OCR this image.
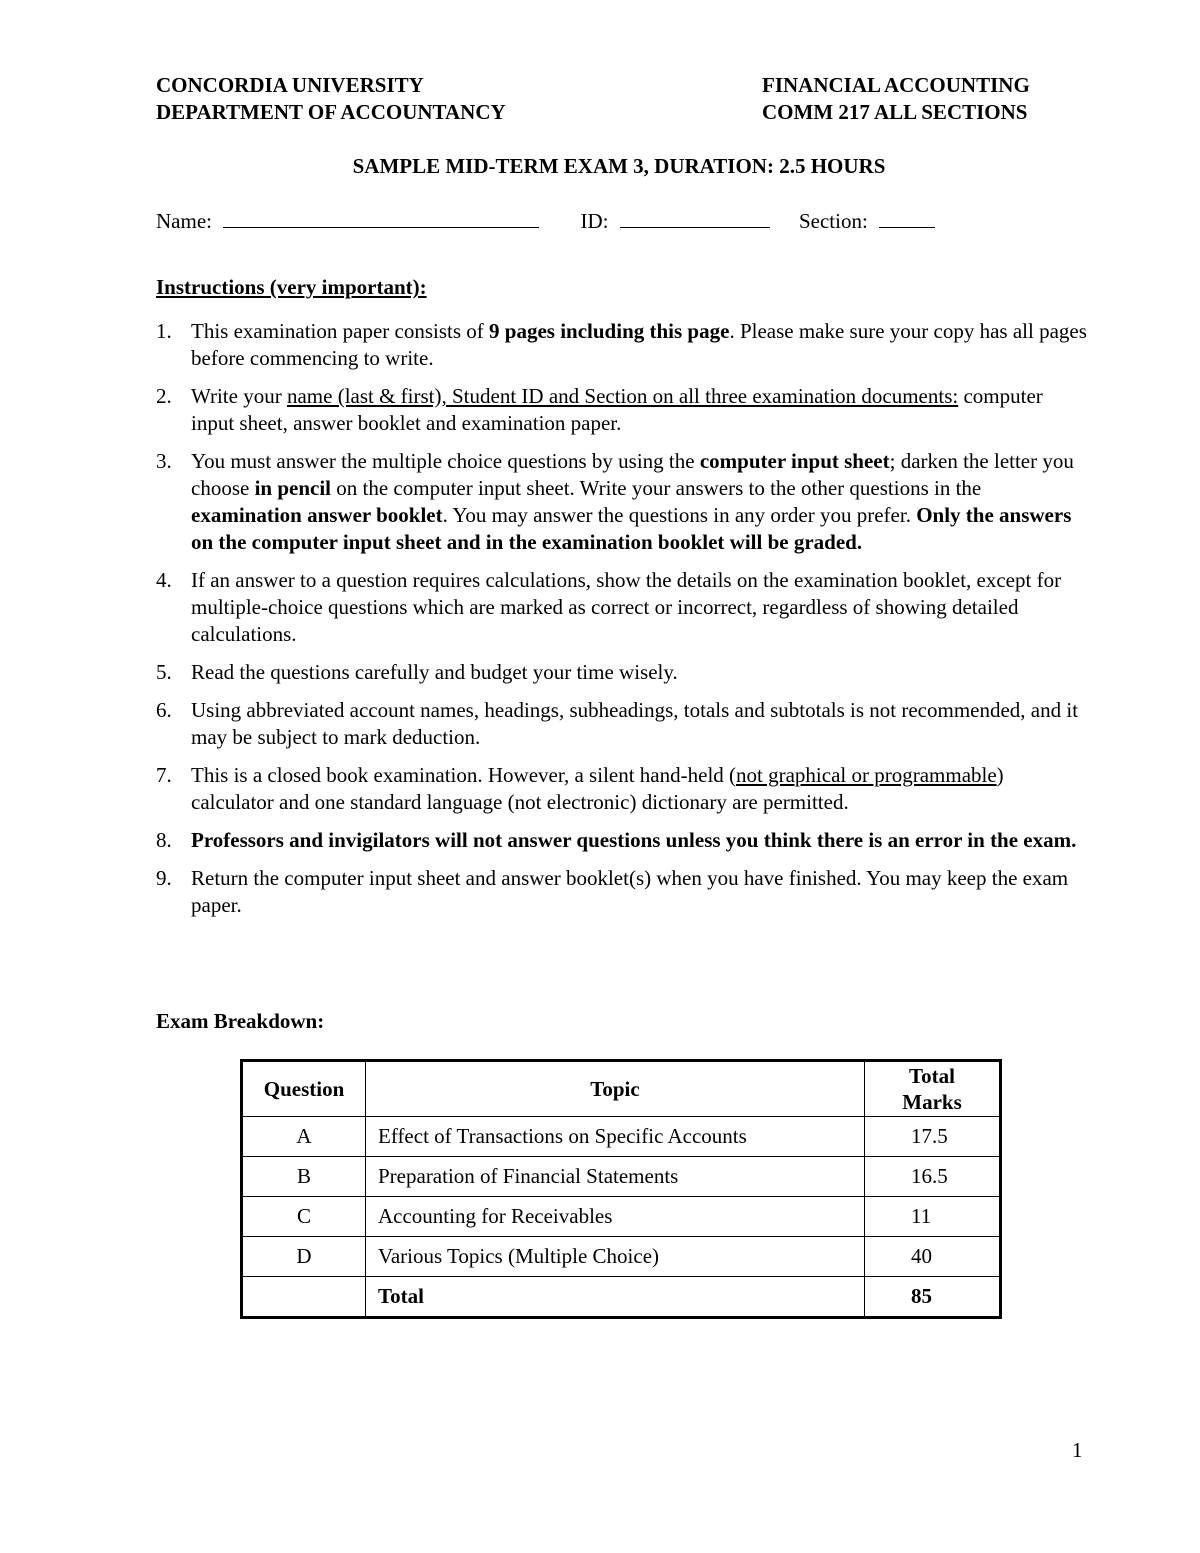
CONCORDIA UNIVERSITY
DEPARTMENT OF ACCOUNTANCY
FINANCIAL ACCOUNTING
COMM 217 ALL SECTIONS
SAMPLE MID-TERM EXAM 3, DURATION: 2.5 HOURS
Name:	ID:	Section:
Instructions (very important):
1. This examination paper consists of 9 pages including this page. Please make sure your copy has all pages before commencing to write.
2. Write your name (last & first), Student ID and Section on all three examination documents: computer input sheet, answer booklet and examination paper.
3. You must answer the multiple choice questions by using the computer input sheet; darken the letter you choose in pencil on the computer input sheet. Write your answers to the other questions in the examination answer booklet. You may answer the questions in any order you prefer. Only the answers on the computer input sheet and in the examination booklet will be graded.
4. If an answer to a question requires calculations, show the details on the examination booklet, except for multiple-choice questions which are marked as correct or incorrect, regardless of showing detailed calculations.
5. Read the questions carefully and budget your time wisely.
6. Using abbreviated account names, headings, subheadings, totals and subtotals is not recommended, and it may be subject to mark deduction.
7. This is a closed book examination. However, a silent hand-held (not graphical or programmable) calculator and one standard language (not electronic) dictionary are permitted.
8. Professors and invigilators will not answer questions unless you think there is an error in the exam.
9. Return the computer input sheet and answer booklet(s) when you have finished. You may keep the exam paper.
Exam Breakdown:
Question	Topic	Total Marks
A	Effect of Transactions on Specific Accounts	17.5
B	Preparation of Financial Statements	16.5
C	Accounting for Receivables	11
D	Various Topics (Multiple Choice)	40
	Total	85
1
